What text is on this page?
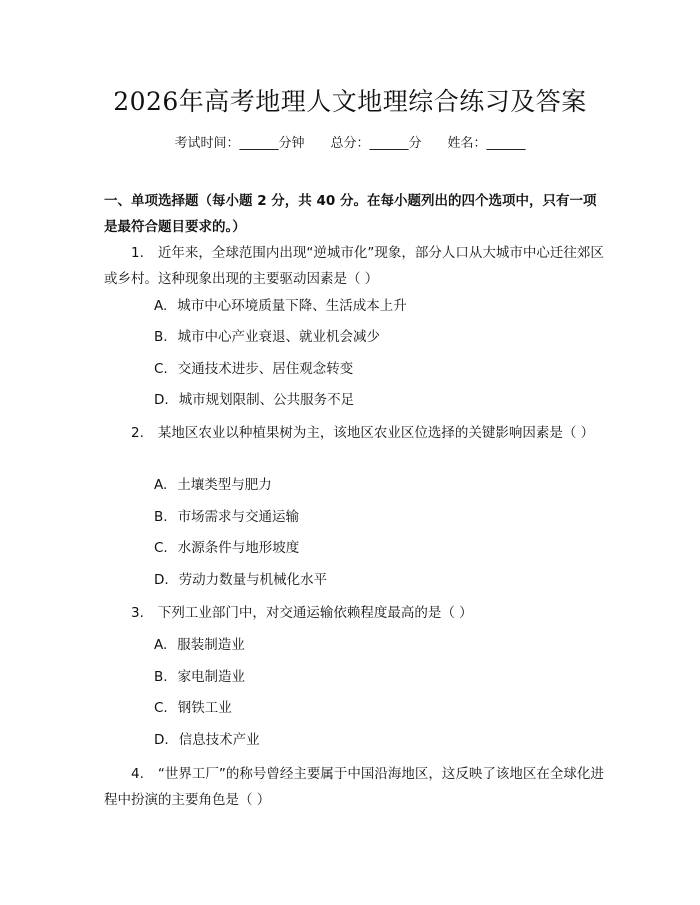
2026年高考地理人文地理综合练习及答案
考试时间：______分钟 总分：______分 姓名：______
一、单项选择题（每小题 2 分，共 40 分。在每小题列出的四个选项中，只有一项是最符合题目要求的。）
1. 近年来，全球范围内出现“逆城市化”现象，部分人口从大城市中心迁往郊区或乡村。这种现象出现的主要驱动因素是（ ）
A. 城市中心环境质量下降、生活成本上升
B. 城市中心产业衰退、就业机会减少
C. 交通技术进步、居住观念转变
D. 城市规划限制、公共服务不足
2. 某地区农业以种植果树为主，该地区农业区位选择的关键影响因素是（ ）
A. 土壤类型与肥力
B. 市场需求与交通运输
C. 水源条件与地形坡度
D. 劳动力数量与机械化水平
3. 下列工业部门中，对交通运输依赖程度最高的是（ ）
A. 服装制造业
B. 家电制造业
C. 钢铁工业
D. 信息技术产业
4. “世界工厂”的称号曾经主要属于中国沿海地区，这反映了该地区在全球化进程中扮演的主要角色是（ ）
